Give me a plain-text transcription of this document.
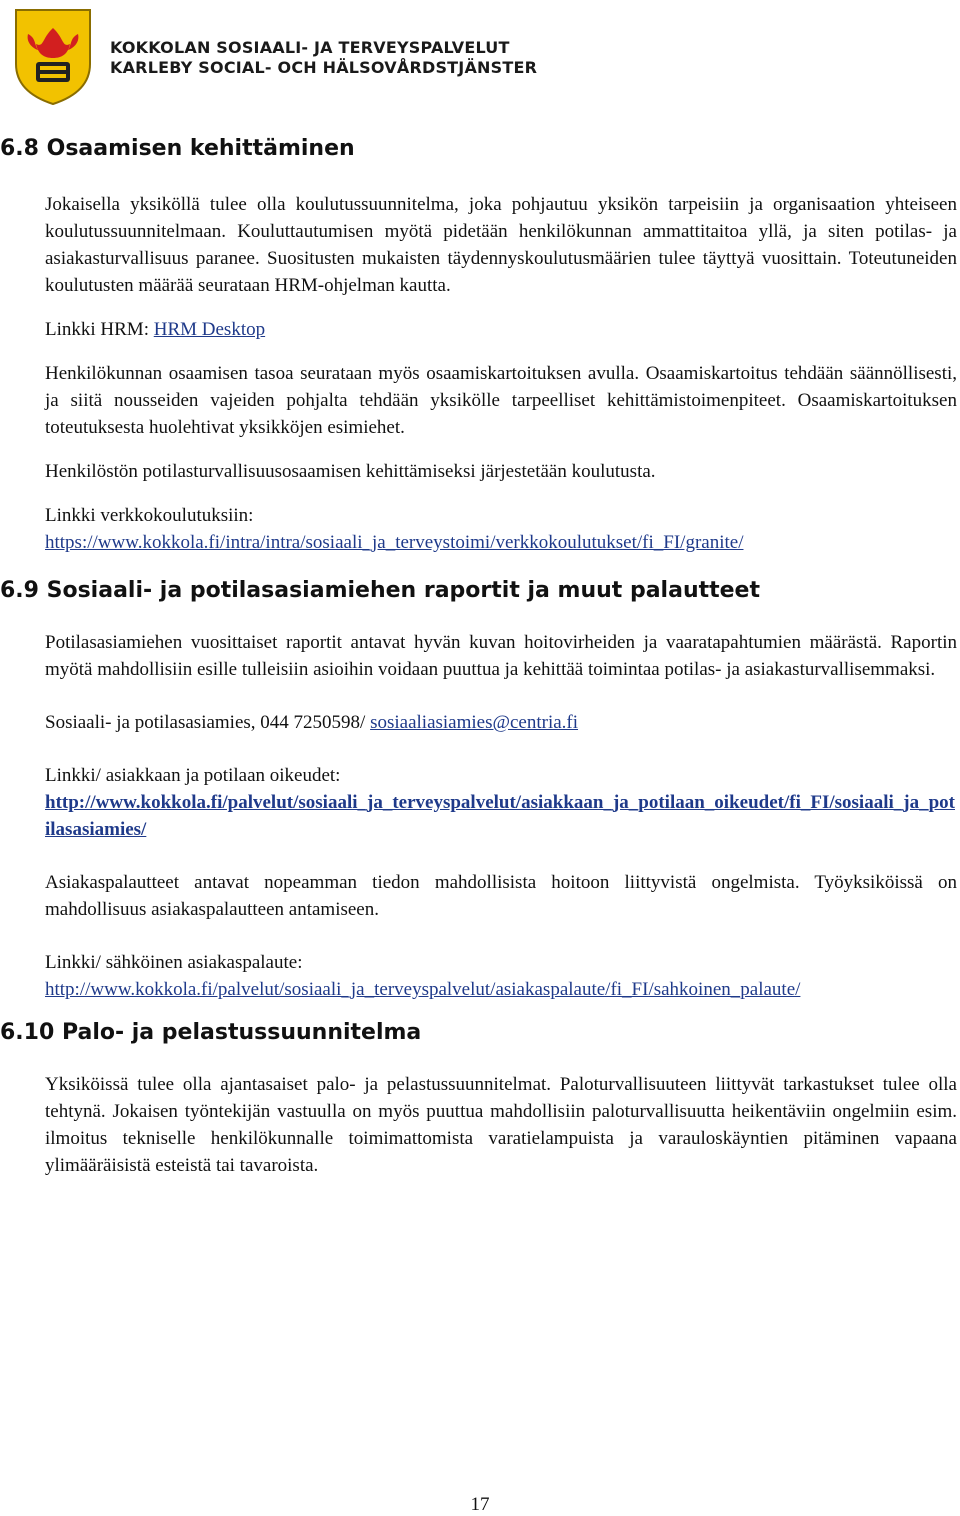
KOKKOLAN SOSIAALI- JA TERVEYSPALVELUT
KARLEBY SOCIAL- OCH HÄLSOVÅRDSTJÄNSTER
6.8 Osaamisen kehittäminen

Jokaisella yksiköllä tulee olla koulutussuunnitelma, joka pohjautuu yksikön tarpeisiin ja organisaation yhteiseen koulutussuunnitelmaan. Kouluttautumisen myötä pidetään henkilökunnan ammattitaitoa yllä, ja siten potilas- ja asiakasturvallisuus paranee. Suositusten mukaisten täydennyskoulutusmäärien tulee täyttyä vuosittain. Toteutuneiden koulutusten määrää seurataan HRM-ohjelman kautta.

Linkki HRM: HRM Desktop

Henkilökunnan osaamisen tasoa seurataan myös osaamiskartoituksen avulla. Osaamiskartoitus tehdään säännöllisesti, ja siitä nousseiden vajeiden pohjalta tehdään yksikölle tarpeelliset kehittämistoimenpiteet. Osaamiskartoituksen toteutuksesta huolehtivat yksikköjen esimiehet.

Henkilöstön potilasturvallisuusosaamisen kehittämiseksi järjestetään koulutusta.

Linkki verkkokoulutuksiin:
https://www.kokkola.fi/intra/intra/sosiaali_ja_terveystoimi/verkkokoulutukset/fi_FI/granite/

6.9 Sosiaali- ja potilasasiamiehen raportit ja muut palautteet

Potilasasiamiehen vuosittaiset raportit antavat hyvän kuvan hoitovirheiden ja vaaratapahtumien määrästä. Raportin myötä mahdollisiin esille tulleisiin asioihin voidaan puuttua ja kehittää toimintaa potilas- ja asiakasturvallisemmaksi.

Sosiaali- ja potilasasiamies, 044 7250598/ sosiaaliasiamies@centria.fi

Linkki/ asiakkaan ja potilaan oikeudet:
http://www.kokkola.fi/palvelut/sosiaali_ja_terveyspalvelut/asiakkaan_ja_potilaan_oikeudet/fi_FI/sosiaali_ja_potilasasiamies/

Asiakaspalautteet antavat nopeamman tiedon mahdollisista hoitoon liittyvistä ongelmista. Työyksiköissä on mahdollisuus asiakaspalautteen antamiseen.

Linkki/ sähköinen asiakaspalaute:
http://www.kokkola.fi/palvelut/sosiaali_ja_terveyspalvelut/asiakaspalaute/fi_FI/sahkoinen_palaute/

6.10 Palo- ja pelastussuunnitelma

Yksiköissä tulee olla ajantasaiset palo- ja pelastussuunnitelmat. Paloturvallisuuteen liittyvät tarkastukset tulee olla tehtynä. Jokaisen työntekijän vastuulla on myös puuttua mahdollisiin paloturvallisuutta heikentäviin ongelmiin esim. ilmoitus tekniselle henkilökunnalle toimimattomista varatielampuista ja varauloskäyntien pitäminen vapaana ylimääräisistä esteistä tai tavaroista.

17
